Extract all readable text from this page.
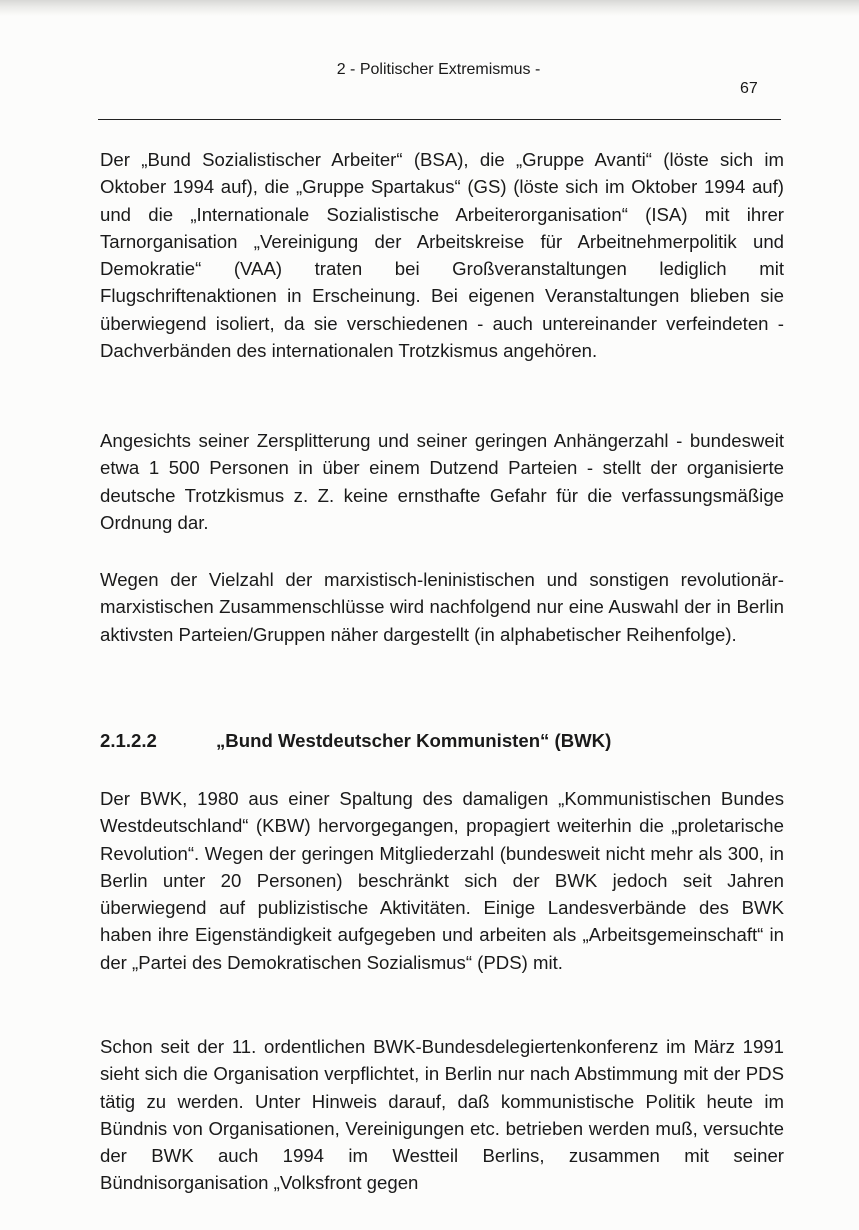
2 - Politischer Extremismus -
67

Der „Bund Sozialistischer Arbeiter“ (BSA), die „Gruppe Avanti“ (löste sich im Oktober 1994 auf), die „Gruppe Spartakus“ (GS) (löste sich im Oktober 1994 auf) und die „Internationale Sozialistische Arbeiterorganisation“ (ISA) mit ihrer Tarnorganisation „Vereinigung der Arbeitskreise für Arbeitnehmerpolitik und Demokratie“ (VAA) traten bei Großveranstaltungen lediglich mit Flugschriftenaktionen in Erscheinung. Bei eigenen Veranstaltungen blieben sie überwiegend isoliert, da sie verschiedenen - auch untereinander verfeindeten - Dachverbänden des internationalen Trotzkismus angehören.

Angesichts seiner Zersplitterung und seiner geringen Anhängerzahl - bundesweit etwa 1 500 Personen in über einem Dutzend Parteien - stellt der organisierte deutsche Trotzkismus z. Z. keine ernsthafte Gefahr für die verfassungsmäßige Ordnung dar.

Wegen der Vielzahl der marxistisch-leninistischen und sonstigen revolutionär-marxistischen Zusammenschlüsse wird nachfolgend nur eine Auswahl der in Berlin aktivsten Parteien/Gruppen näher dargestellt (in alphabetischer Reihenfolge).

2.1.2.2	„Bund Westdeutscher Kommunisten“ (BWK)

Der BWK, 1980 aus einer Spaltung des damaligen „Kommunistischen Bundes Westdeutschland“ (KBW) hervorgegangen, propagiert weiterhin die „proletarische Revolution“. Wegen der geringen Mitgliederzahl (bundesweit nicht mehr als 300, in Berlin unter 20 Personen) beschränkt sich der BWK jedoch seit Jahren überwiegend auf publizistische Aktivitäten. Einige Landesverbände des BWK haben ihre Eigenständigkeit aufgegeben und arbeiten als „Arbeitsgemeinschaft“ in der „Partei des Demokratischen Sozialismus“ (PDS) mit.

Schon seit der 11. ordentlichen BWK-Bundesdelegiertenkonferenz im März 1991 sieht sich die Organisation verpflichtet, in Berlin nur nach Abstimmung mit der PDS tätig zu werden. Unter Hinweis darauf, daß kommunistische Politik heute im Bündnis von Organisationen, Vereinigungen etc. betrieben werden muß, versuchte der BWK auch 1994 im Westteil Berlins, zusammen mit seiner Bündnisorganisation „Volksfront gegen
